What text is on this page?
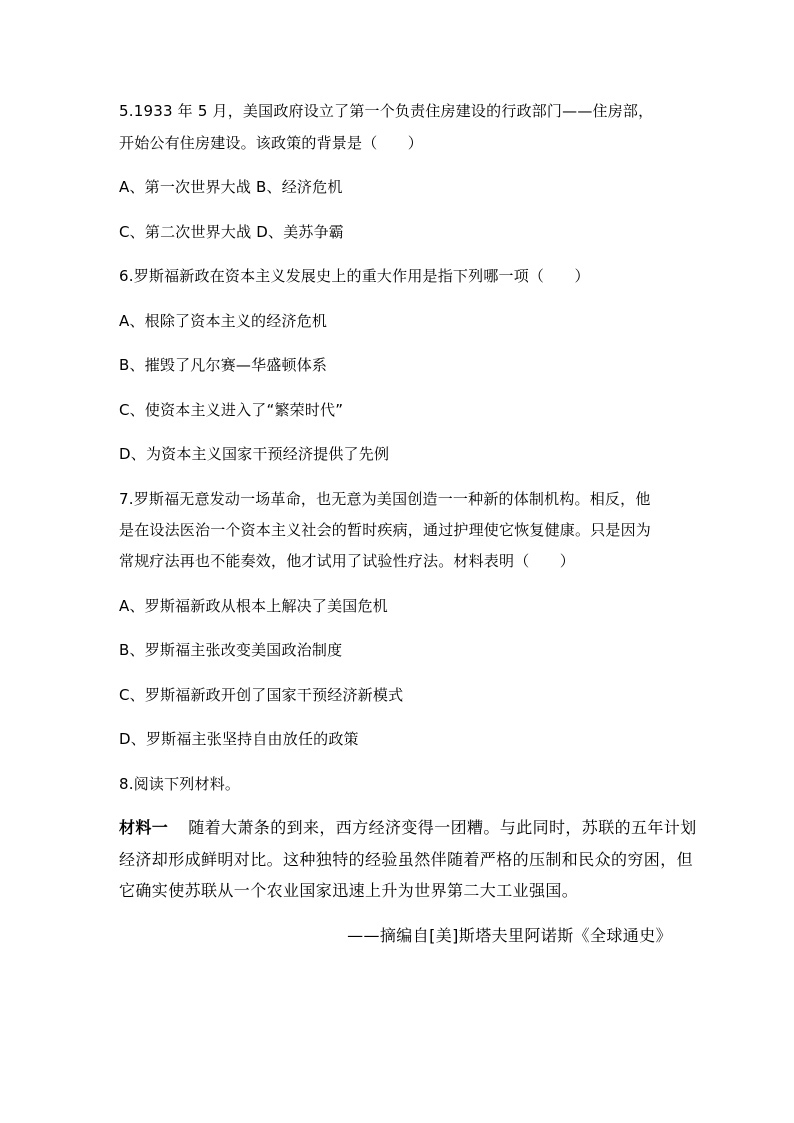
5.1933 年 5 月，美国政府设立了第一个负责住房建设的行政部门——住房部，
开始公有住房建设。该政策的背景是（　　）
A、第一次世界大战 B、经济危机
C、第二次世界大战 D、美苏争霸
6.罗斯福新政在资本主义发展史上的重大作用是指下列哪一项（　　）
A、根除了资本主义的经济危机
B、摧毁了凡尔赛—华盛顿体系
C、使资本主义进入了“繁荣时代”
D、为资本主义国家干预经济提供了先例
7.罗斯福无意发动一场革命，也无意为美国创造一一种新的体制机构。相反，他
是在设法医治一个资本主义社会的暂时疾病，通过护理使它恢复健康。只是因为
常规疗法再也不能奏效，他才试用了试验性疗法。材料表明（　　）
A、罗斯福新政从根本上解决了美国危机
B、罗斯福主张改变美国政治制度
C、罗斯福新政开创了国家干预经济新模式
D、罗斯福主张坚持自由放任的政策
8.阅读下列材料。
材料一 随着大萧条的到来，西方经济变得一团糟。与此同时，苏联的五年计划
经济却形成鲜明对比。这种独特的经验虽然伴随着严格的压制和民众的穷困，但
它确实使苏联从一个农业国家迅速上升为世界第二大工业强国。
——摘编自[美]斯塔夫里阿诺斯《全球通史》
